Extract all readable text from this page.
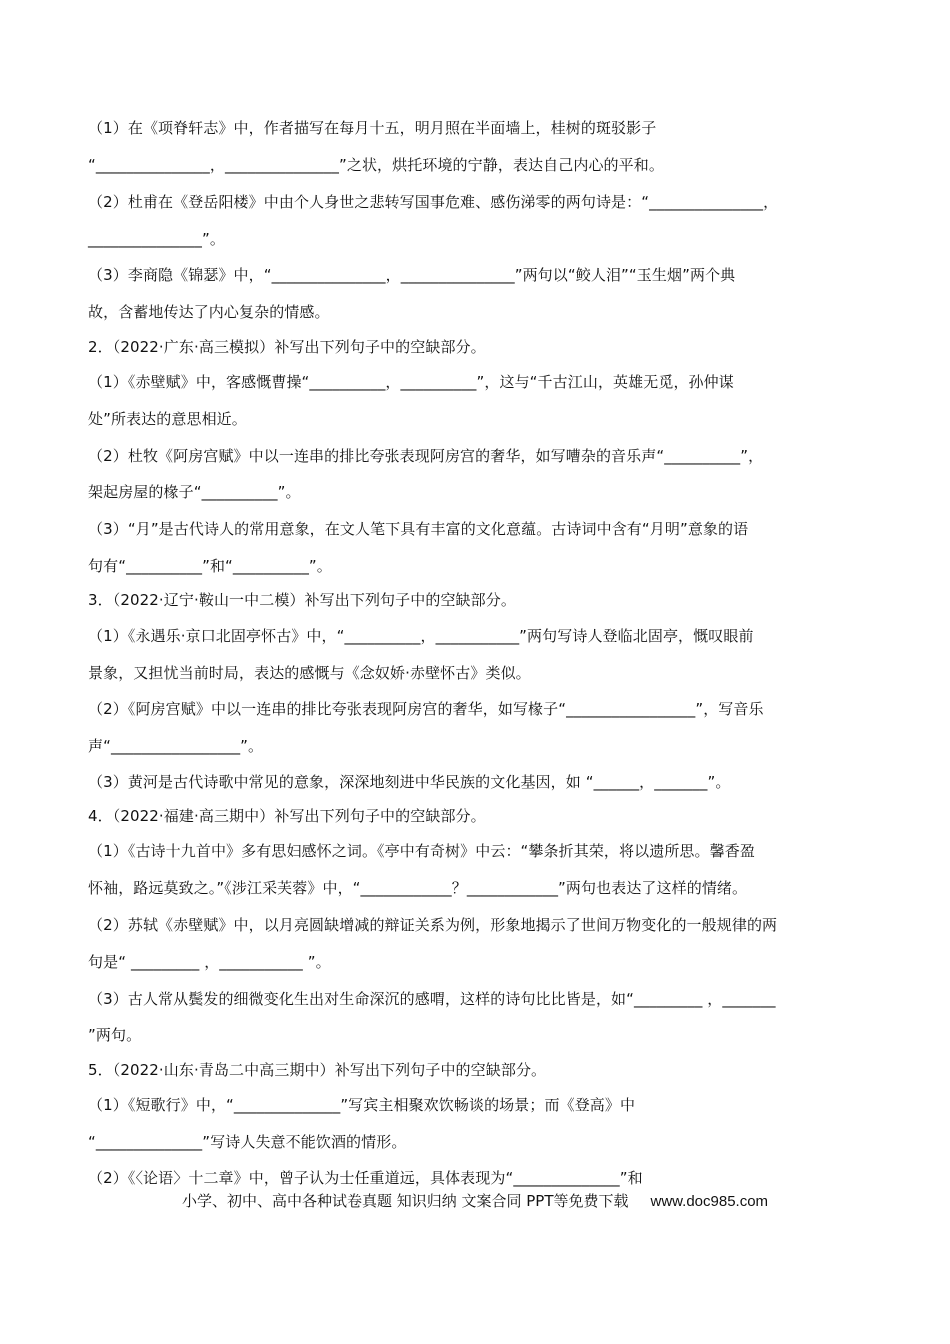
（1）在《项脊轩志》中，作者描写在每月十五，明月照在半面墙上，桂树的斑驳影子
“_______________，_______________”之状，烘托环境的宁静，表达自己内心的平和。
（2）杜甫在《登岳阳楼》中由个人身世之悲转写国事危难、感伤涕零的两句诗是：“_______________，
_______________”。
（3）李商隐《锦瑟》中，“_______________，_______________”两句以“鲛人泪”“玉生烟”两个典
故，含蓄地传达了内心复杂的情感。
2．（2022·广东·高三模拟）补写出下列句子中的空缺部分。
（1）《赤壁赋》中，客感慨曹操“__________，__________”，这与“千古江山，英雄无觅，孙仲谋
处”所表达的意思相近。
（2）杜牧《阿房宫赋》中以一连串的排比夸张表现阿房宫的奢华，如写嘈杂的音乐声“__________”，
架起房屋的椽子“__________”。
（3）“月”是古代诗人的常用意象，在文人笔下具有丰富的文化意蕴。古诗词中含有“月明”意象的语
句有“__________”和“__________”。
3．（2022·辽宁·鞍山一中二模）补写出下列句子中的空缺部分。
（1）《永遇乐·京口北固亭怀古》中，“__________，___________”两句写诗人登临北固亭，慨叹眼前
景象，又担忧当前时局，表达的感慨与《念奴娇·赤壁怀古》类似。
（2）《阿房宫赋》中以一连串的排比夸张表现阿房宫的奢华，如写椽子“_________________”，写音乐
声“_________________”。
（3）黄河是古代诗歌中常见的意象，深深地刻进中华民族的文化基因，如 “______，_______”。
4．（2022·福建·高三期中）补写出下列句子中的空缺部分。
（1）《古诗十九首中》多有思妇感怀之词。《亭中有奇树》中云：“攀条折其荣，将以遗所思。馨香盈
怀袖，路远莫致之。”《涉江采芙蓉》中，“____________？____________”两句也表达了这样的情绪。
（2）苏轼《赤壁赋》中，以月亮圆缺增减的辩证关系为例，形象地揭示了世间万物变化的一般规律的两
句是“ _________ ，___________ ”。
（3）古人常从鬓发的细微变化生出对生命深沉的感喟，这样的诗句比比皆是，如“_________ ，_______
”两句。
5．（2022·山东·青岛二中高三期中）补写出下列句子中的空缺部分。
（1）《短歌行》中，“______________”写宾主相聚欢饮畅谈的场景；而《登高》中
“______________”写诗人失意不能饮酒的情形。
（2）《〈论语〉十二章》中，曾子认为士任重道远，具体表现为“______________”和
小学、初中、高中各种试卷真题 知识归纳 文案合同 PPT等免费下载 www.doc985.com
